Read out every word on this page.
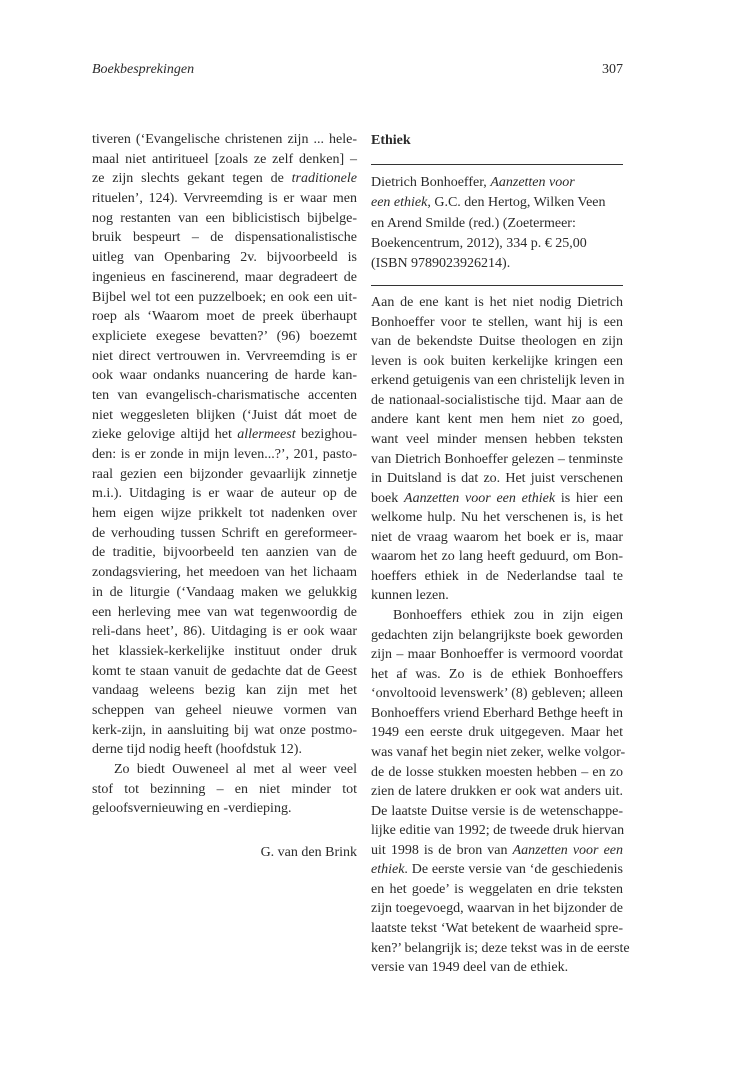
Boekbesprekingen	307
tiveren (‘Evangelische christenen zijn ... hele-
maal niet antiritueel [zoals ze zelf denken] –
ze zijn slechts gekant tegen de traditionele
rituelen’, 124). Vervreemding is er waar men
nog restanten van een biblicistisch bijbelge-
bruik bespeurt – de dispensationalistische
uitleg van Openbaring 2v. bijvoorbeeld is
ingenieus en fascinerend, maar degradeert de
Bijbel wel tot een puzzelboek; en ook een uit-
roep als ‘Waarom moet de preek überhaupt
expliciete exegese bevatten?’ (96) boezemt
niet direct vertrouwen in. Vervreemding is er
ook waar ondanks nuancering de harde kan-
ten van evangelisch-charismatische accenten
niet weggesleten blijken (‘Juist dát moet de
zieke gelovige altijd het allermeest bezighou-
den: is er zonde in mijn leven...?’, 201, pasto-
raal gezien een bijzonder gevaarlijk zinnetje
m.i.). Uitdaging is er waar de auteur op de
hem eigen wijze prikkelt tot nadenken over
de verhouding tussen Schrift en gereformeer-
de traditie, bijvoorbeeld ten aanzien van de
zondagsviering, het meedoen van het lichaam
in de liturgie (‘Vandaag maken we gelukkig
een herleving mee van wat tegenwoordig de
reli-dans heet’, 86). Uitdaging is er ook waar
het klassiek-kerkelijke instituut onder druk
komt te staan vanuit de gedachte dat de Geest
vandaag weleens bezig kan zijn met het
scheppen van geheel nieuwe vormen van
kerk-zijn, in aansluiting bij wat onze postmo-
derne tijd nodig heeft (hoofdstuk 12).
Zo biedt Ouweneel al met al weer veel
stof tot bezinning – en niet minder tot
geloofsvernieuwing en -verdieping.
G. van den Brink
Ethiek
Dietrich Bonhoeffer, Aanzetten voor
een ethiek, G.C. den Hertog, Wilken Veen
en Arend Smilde (red.) (Zoetermeer:
Boekencentrum, 2012), 334 p. € 25,00
(ISBN 9789023926214).
Aan de ene kant is het niet nodig Dietrich
Bonhoeffer voor te stellen, want hij is een
van de bekendste Duitse theologen en zijn
leven is ook buiten kerkelijke kringen een
erkend getuigenis van een christelijk leven in
de nationaal-socialistische tijd. Maar aan de
andere kant kent men hem niet zo goed,
want veel minder mensen hebben teksten
van Dietrich Bonhoeffer gelezen – tenminste
in Duitsland is dat zo. Het juist verschenen
boek Aanzetten voor een ethiek is hier een
welkome hulp. Nu het verschenen is, is het
niet de vraag waarom het boek er is, maar
waarom het zo lang heeft geduurd, om Bon-
hoeffers ethiek in de Nederlandse taal te
kunnen lezen.
Bonhoeffers ethiek zou in zijn eigen
gedachten zijn belangrijkste boek geworden
zijn – maar Bonhoeffer is vermoord voordat
het af was. Zo is de ethiek Bonhoeffers
‘onvoltooid levenswerk’ (8) gebleven; alleen
Bonhoeffers vriend Eberhard Bethge heeft in
1949 een eerste druk uitgegeven. Maar het
was vanaf het begin niet zeker, welke volgor-
de de losse stukken moesten hebben – en zo
zien de latere drukken er ook wat anders uit.
De laatste Duitse versie is de wetenschappe-
lijke editie van 1992; de tweede druk hiervan
uit 1998 is de bron van Aanzetten voor een
ethiek. De eerste versie van ‘de geschiedenis
en het goede’ is weggelaten en drie teksten
zijn toegevoegd, waarvan in het bijzonder de
laatste tekst ‘Wat betekent de waarheid spre-
ken?’ belangrijk is; deze tekst was in de eerste
versie van 1949 deel van de ethiek.
